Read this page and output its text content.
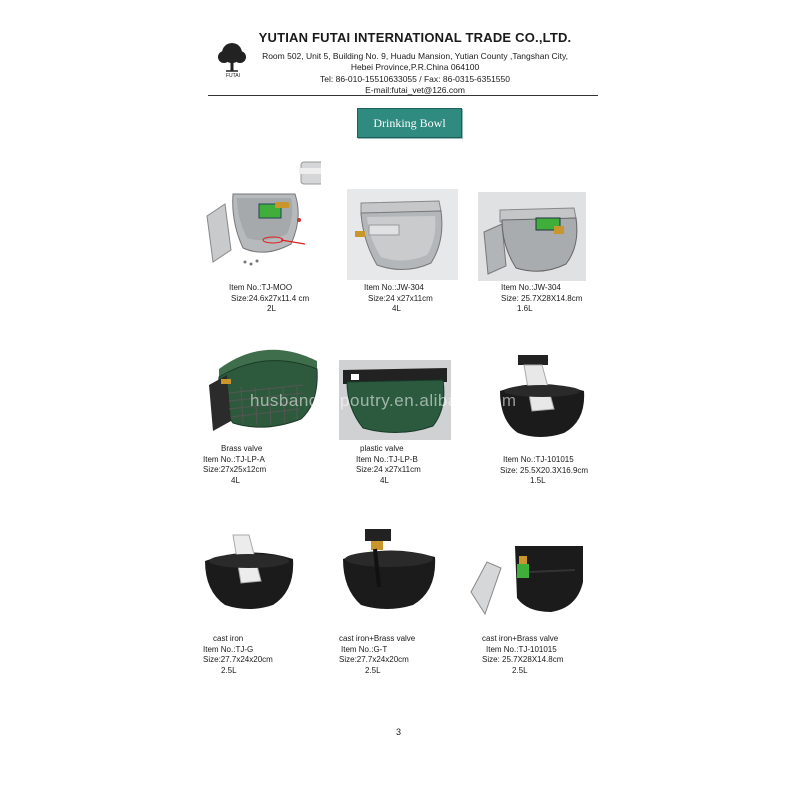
FUTAI
YUTIAN FUTAI INTERNATIONAL TRADE CO.,LTD.
Room 502, Unit 5, Building No. 9, Huadu Mansion, Yutian County ,Tangshan City,
Hebei Province,P.R.China 064100
Tel: 86-010-15510633055 / Fax: 86-0315-6351550
E-mail:futai_vet@126.com
Drinking Bowl
Item No.:TJ-MOO
Size:24.6x27x11.4 cm
2L
Item No.:JW-304
Size:24 x27x11cm
4L
Item No.:JW-304
Size: 25.7X28X14.8cm
1.6L
Brass valve
Item No.:TJ-LP-A
Size:27x25x12cm
4L
plastic valve
Item No.:TJ-LP-B
Size:24 x27x11cm
4L
Item No.:TJ-101015
Size: 25.5X20.3X16.9cm
1.5L
husbandry-poutry.en.alibaba.com
cast iron
Item No.:TJ-G
Size:27.7x24x20cm
2.5L
cast iron+Brass valve
Item No.:G-T
Size:27.7x24x20cm
2.5L
cast iron+Brass valve
Item No.:TJ-101015
Size: 25.7X28X14.8cm
2.5L
3
